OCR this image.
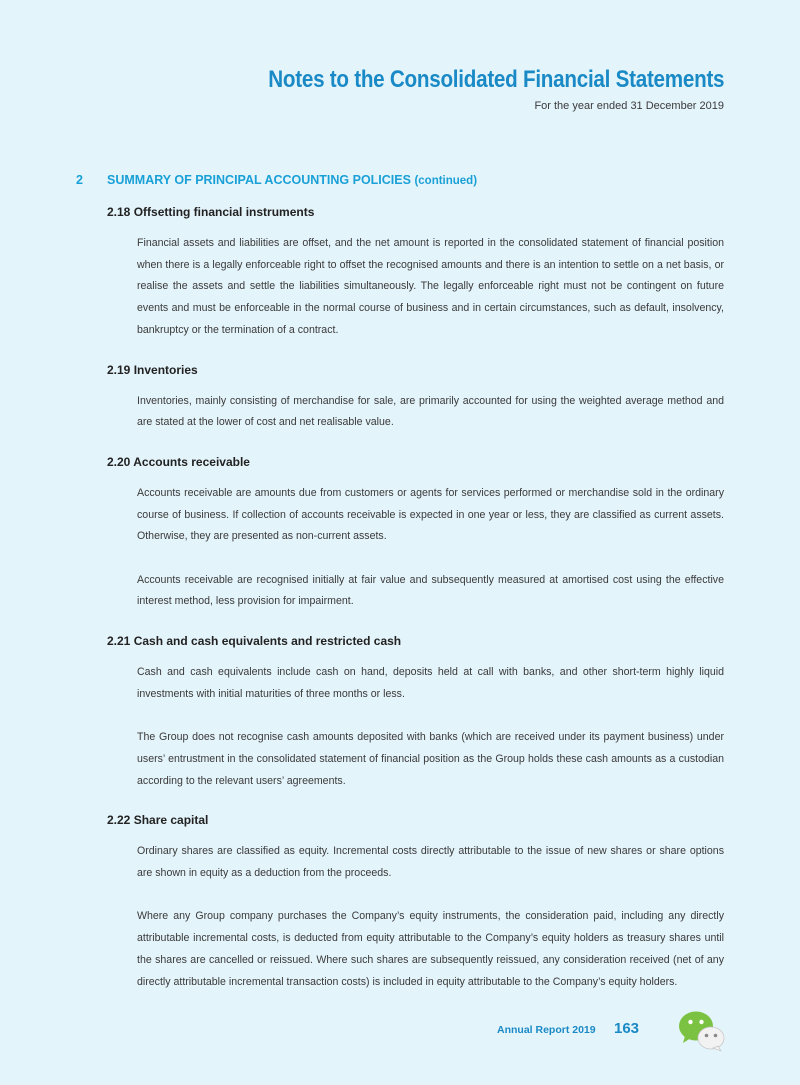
Notes to the Consolidated Financial Statements
For the year ended 31 December 2019
2 SUMMARY OF PRINCIPAL ACCOUNTING POLICIES (continued)
2.18 Offsetting financial instruments

Financial assets and liabilities are offset, and the net amount is reported in the consolidated statement of financial position when there is a legally enforceable right to offset the recognised amounts and there is an intention to settle on a net basis, or realise the assets and settle the liabilities simultaneously. The legally enforceable right must not be contingent on future events and must be enforceable in the normal course of business and in certain circumstances, such as default, insolvency, bankruptcy or the termination of a contract.

2.19 Inventories

Inventories, mainly consisting of merchandise for sale, are primarily accounted for using the weighted average method and are stated at the lower of cost and net realisable value.

2.20 Accounts receivable

Accounts receivable are amounts due from customers or agents for services performed or merchandise sold in the ordinary course of business. If collection of accounts receivable is expected in one year or less, they are classified as current assets. Otherwise, they are presented as non-current assets.

Accounts receivable are recognised initially at fair value and subsequently measured at amortised cost using the effective interest method, less provision for impairment.

2.21 Cash and cash equivalents and restricted cash

Cash and cash equivalents include cash on hand, deposits held at call with banks, and other short-term highly liquid investments with initial maturities of three months or less.

The Group does not recognise cash amounts deposited with banks (which are received under its payment business) under users’ entrustment in the consolidated statement of financial position as the Group holds these cash amounts as a custodian according to the relevant users’ agreements.

2.22 Share capital

Ordinary shares are classified as equity. Incremental costs directly attributable to the issue of new shares or share options are shown in equity as a deduction from the proceeds.

Where any Group company purchases the Company’s equity instruments, the consideration paid, including any directly attributable incremental costs, is deducted from equity attributable to the Company’s equity holders as treasury shares until the shares are cancelled or reissued. Where such shares are subsequently reissued, any consideration received (net of any directly attributable incremental transaction costs) is included in equity attributable to the Company’s equity holders.

Annual Report 2019 163
